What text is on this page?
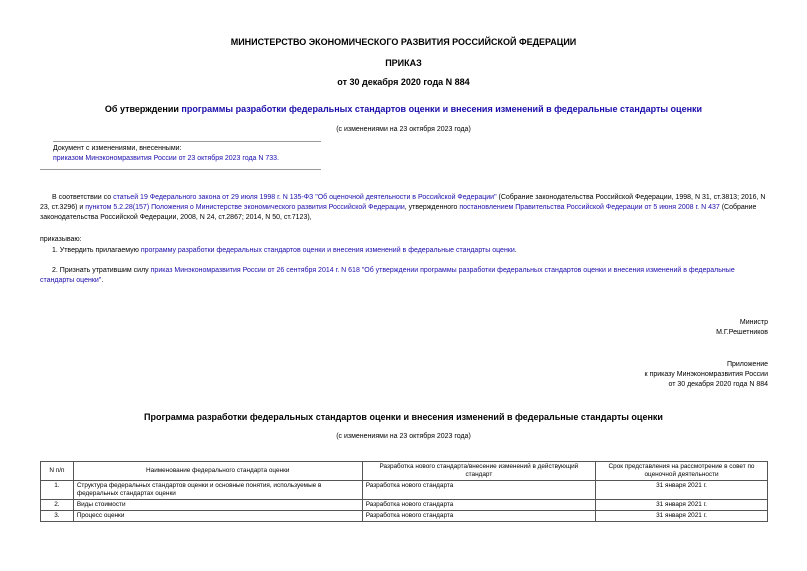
МИНИСТЕРСТВО ЭКОНОМИЧЕСКОГО РАЗВИТИЯ РОССИЙСКОЙ ФЕДЕРАЦИИ
ПРИКАЗ
от 30 декабря 2020 года N 884
Об утверждении программы разработки федеральных стандартов оценки и внесения изменений в федеральные стандарты оценки
(с изменениями на 23 октября 2023 года)
Документ с изменениями, внесенными:
приказом Минэкономразвития России от 23 октября 2023 года N 733.
В соответствии со статьей 19 Федерального закона от 29 июля 1998 г. N 135-ФЗ "Об оценочной деятельности в Российской Федерации" (Собрание законодательства Российской Федерации, 1998, N 31, ст.3813; 2016, N 23, ст.3296) и пунктом 5.2.28(157) Положения о Министерстве экономического развития Российской Федерации, утвержденного постановлением Правительства Российской Федерации от 5 июня 2008 г. N 437 (Собрание законодательства Российской Федерации, 2008, N 24, ст.2867; 2014, N 50, ст.7123),
приказываю:
1. Утвердить прилагаемую программу разработки федеральных стандартов оценки и внесения изменений в федеральные стандарты оценки.
2. Признать утратившим силу приказ Минэкономразвития России от 26 сентября 2014 г. N 618 "Об утверждении программы разработки федеральных стандартов оценки и внесения изменений в федеральные стандарты оценки".
Министр
М.Г.Решетников
Приложение
к приказу Минэкономразвития России
от 30 декабря 2020 года N 884
Программа разработки федеральных стандартов оценки и внесения изменений в федеральные стандарты оценки
(с изменениями на 23 октября 2023 года)
N п/п	Наименование федерального стандарта оценки	Разработка нового стандарта/внесение изменений в действующий стандарт	Срок представления на рассмотрение в совет по оценочной деятельности
1.	Структура федеральных стандартов оценки и основные понятия, используемые в федеральных стандартах оценки	Разработка нового стандарта	31 января 2021 г.
2.	Виды стоимости	Разработка нового стандарта	31 января 2021 г.
3.	Процесс оценки	Разработка нового стандарта	31 января 2021 г.
